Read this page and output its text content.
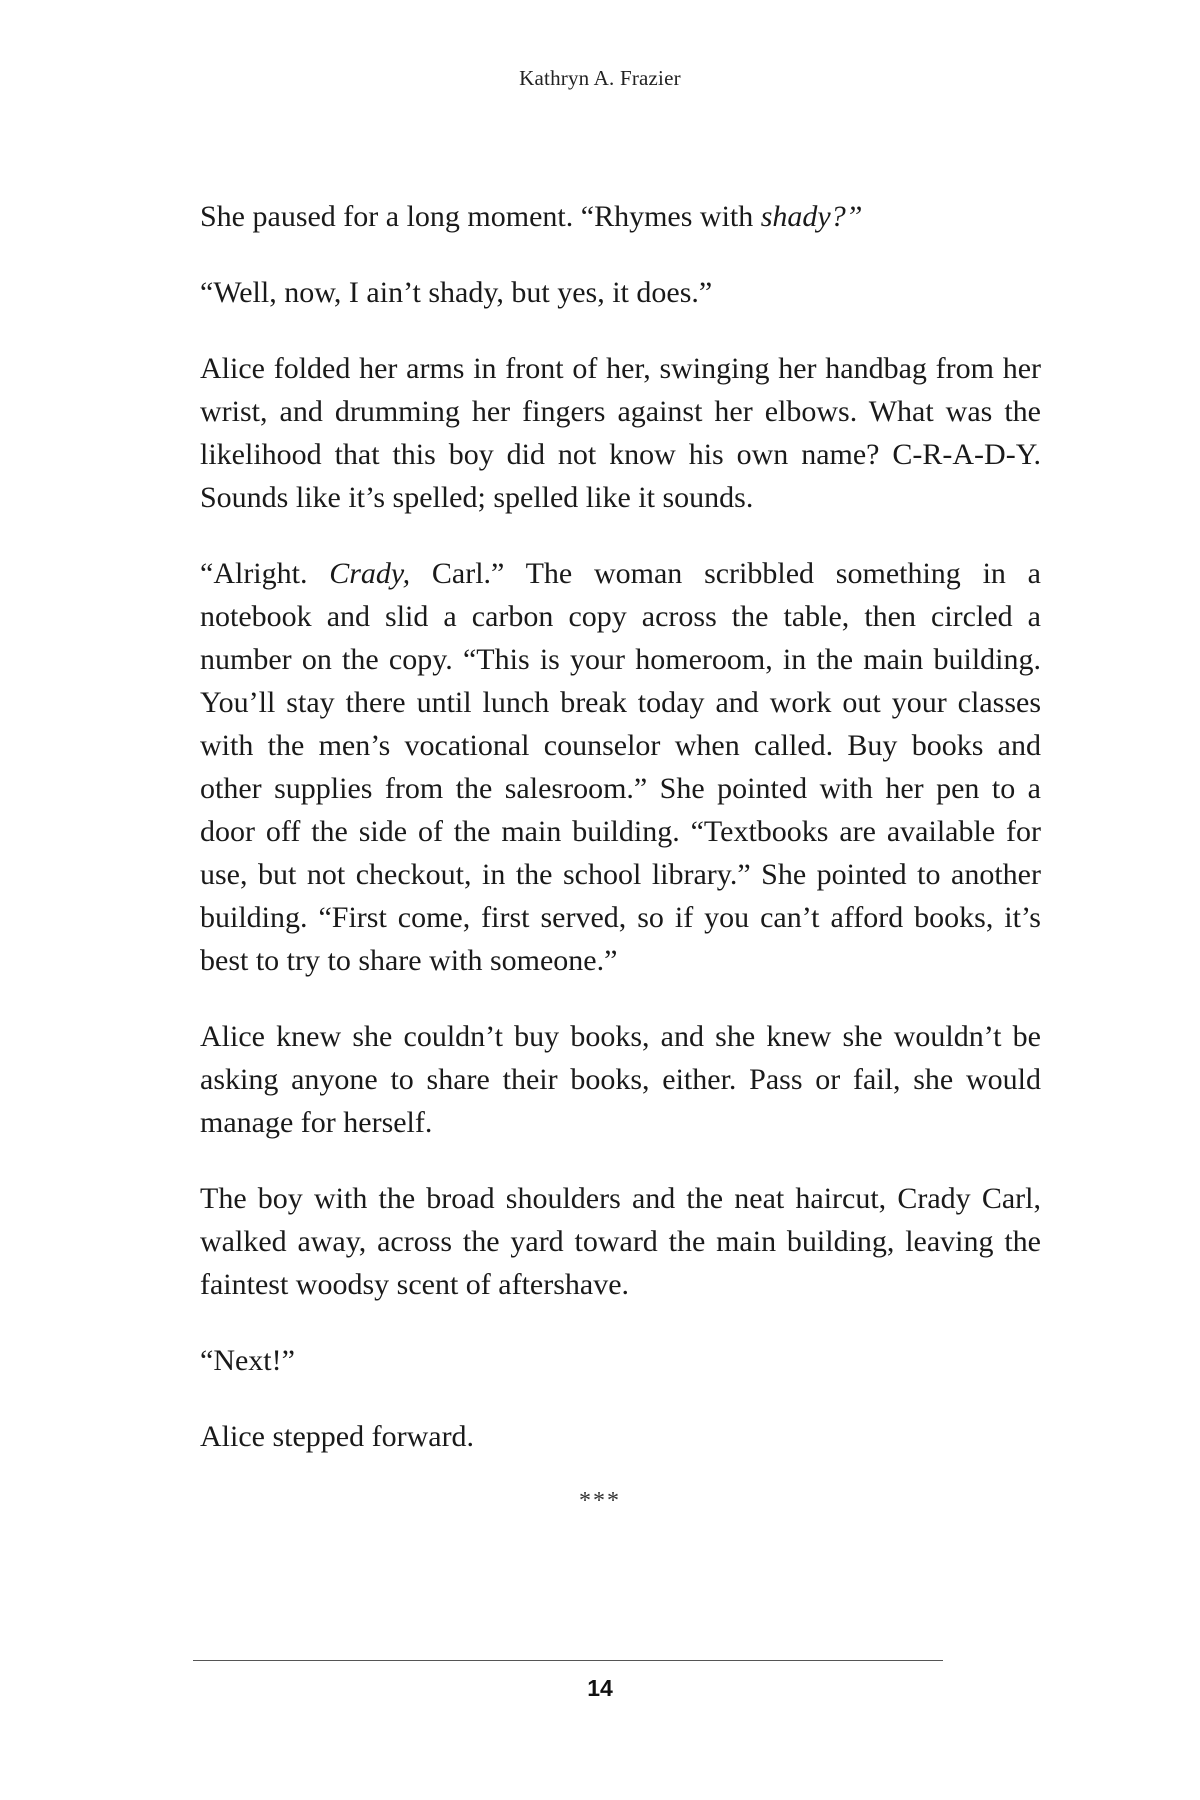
Kathryn A. Frazier

She paused for a long moment. “Rhymes with shady?”

“Well, now, I ain’t shady, but yes, it does.”

Alice folded her arms in front of her, swinging her handbag from her wrist, and drumming her fingers against her elbows. What was the likelihood that this boy did not know his own name? C-R-A-D-Y. Sounds like it’s spelled; spelled like it sounds.

“Alright. Crady, Carl.” The woman scribbled something in a notebook and slid a carbon copy across the table, then circled a number on the copy. “This is your homeroom, in the main building. You’ll stay there until lunch break today and work out your classes with the men’s vocational counselor when called. Buy books and other supplies from the salesroom.” She pointed with her pen to a door off the side of the main building. “Textbooks are available for use, but not checkout, in the school library.” She pointed to another building. “First come, first served, so if you can’t afford books, it’s best to try to share with someone.”

Alice knew she couldn’t buy books, and she knew she wouldn’t be asking anyone to share their books, either. Pass or fail, she would manage for herself.

The boy with the broad shoulders and the neat haircut, Crady Carl, walked away, across the yard toward the main building, leaving the faintest woodsy scent of aftershave.

“Next!”

Alice stepped forward.

***
14
